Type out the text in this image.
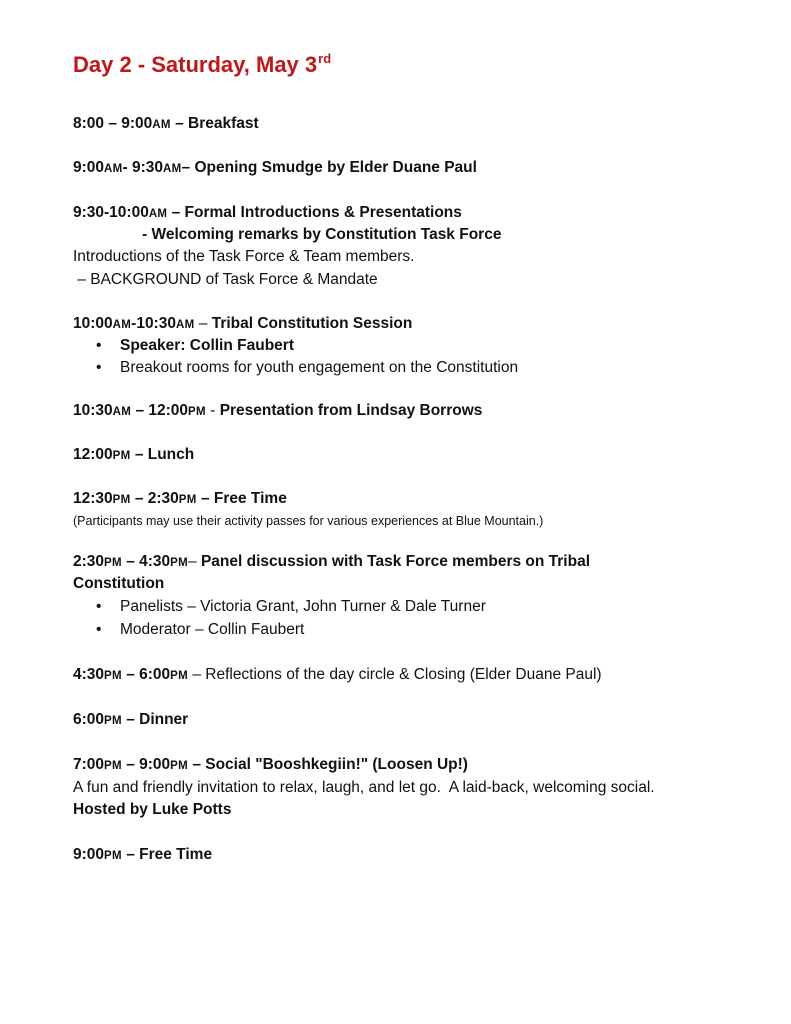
Day 2 - Saturday, May 3rd

8:00 – 9:00AM – Breakfast

9:00AM- 9:30AM– Opening Smudge by Elder Duane Paul

9:30-10:00AM – Formal Introductions & Presentations

- Welcoming remarks by Constitution Task Force

Introductions of the Task Force & Team members.

– BACKGROUND of Task Force & Mandate

10:00AM-10:30AM – Tribal Constitution Session

• Speaker: Collin Faubert

• Breakout rooms for youth engagement on the Constitution

10:30AM – 12:00PM - Presentation from Lindsay Borrows

12:00PM – Lunch

12:30PM – 2:30PM – Free Time

(Participants may use their activity passes for various experiences at Blue Mountain.)

2:30PM – 4:30PM– Panel discussion with Task Force members on Tribal

Constitution

• Panelists – Victoria Grant, John Turner & Dale Turner

• Moderator – Collin Faubert

4:30PM – 6:00PM – Reflections of the day circle & Closing (Elder Duane Paul)

6:00PM – Dinner

7:00PM – 9:00PM – Social "Booshkegiin!" (Loosen Up!)

A fun and friendly invitation to relax, laugh, and let go.  A laid-back, welcoming social.

Hosted by Luke Potts

9:00PM – Free Time
